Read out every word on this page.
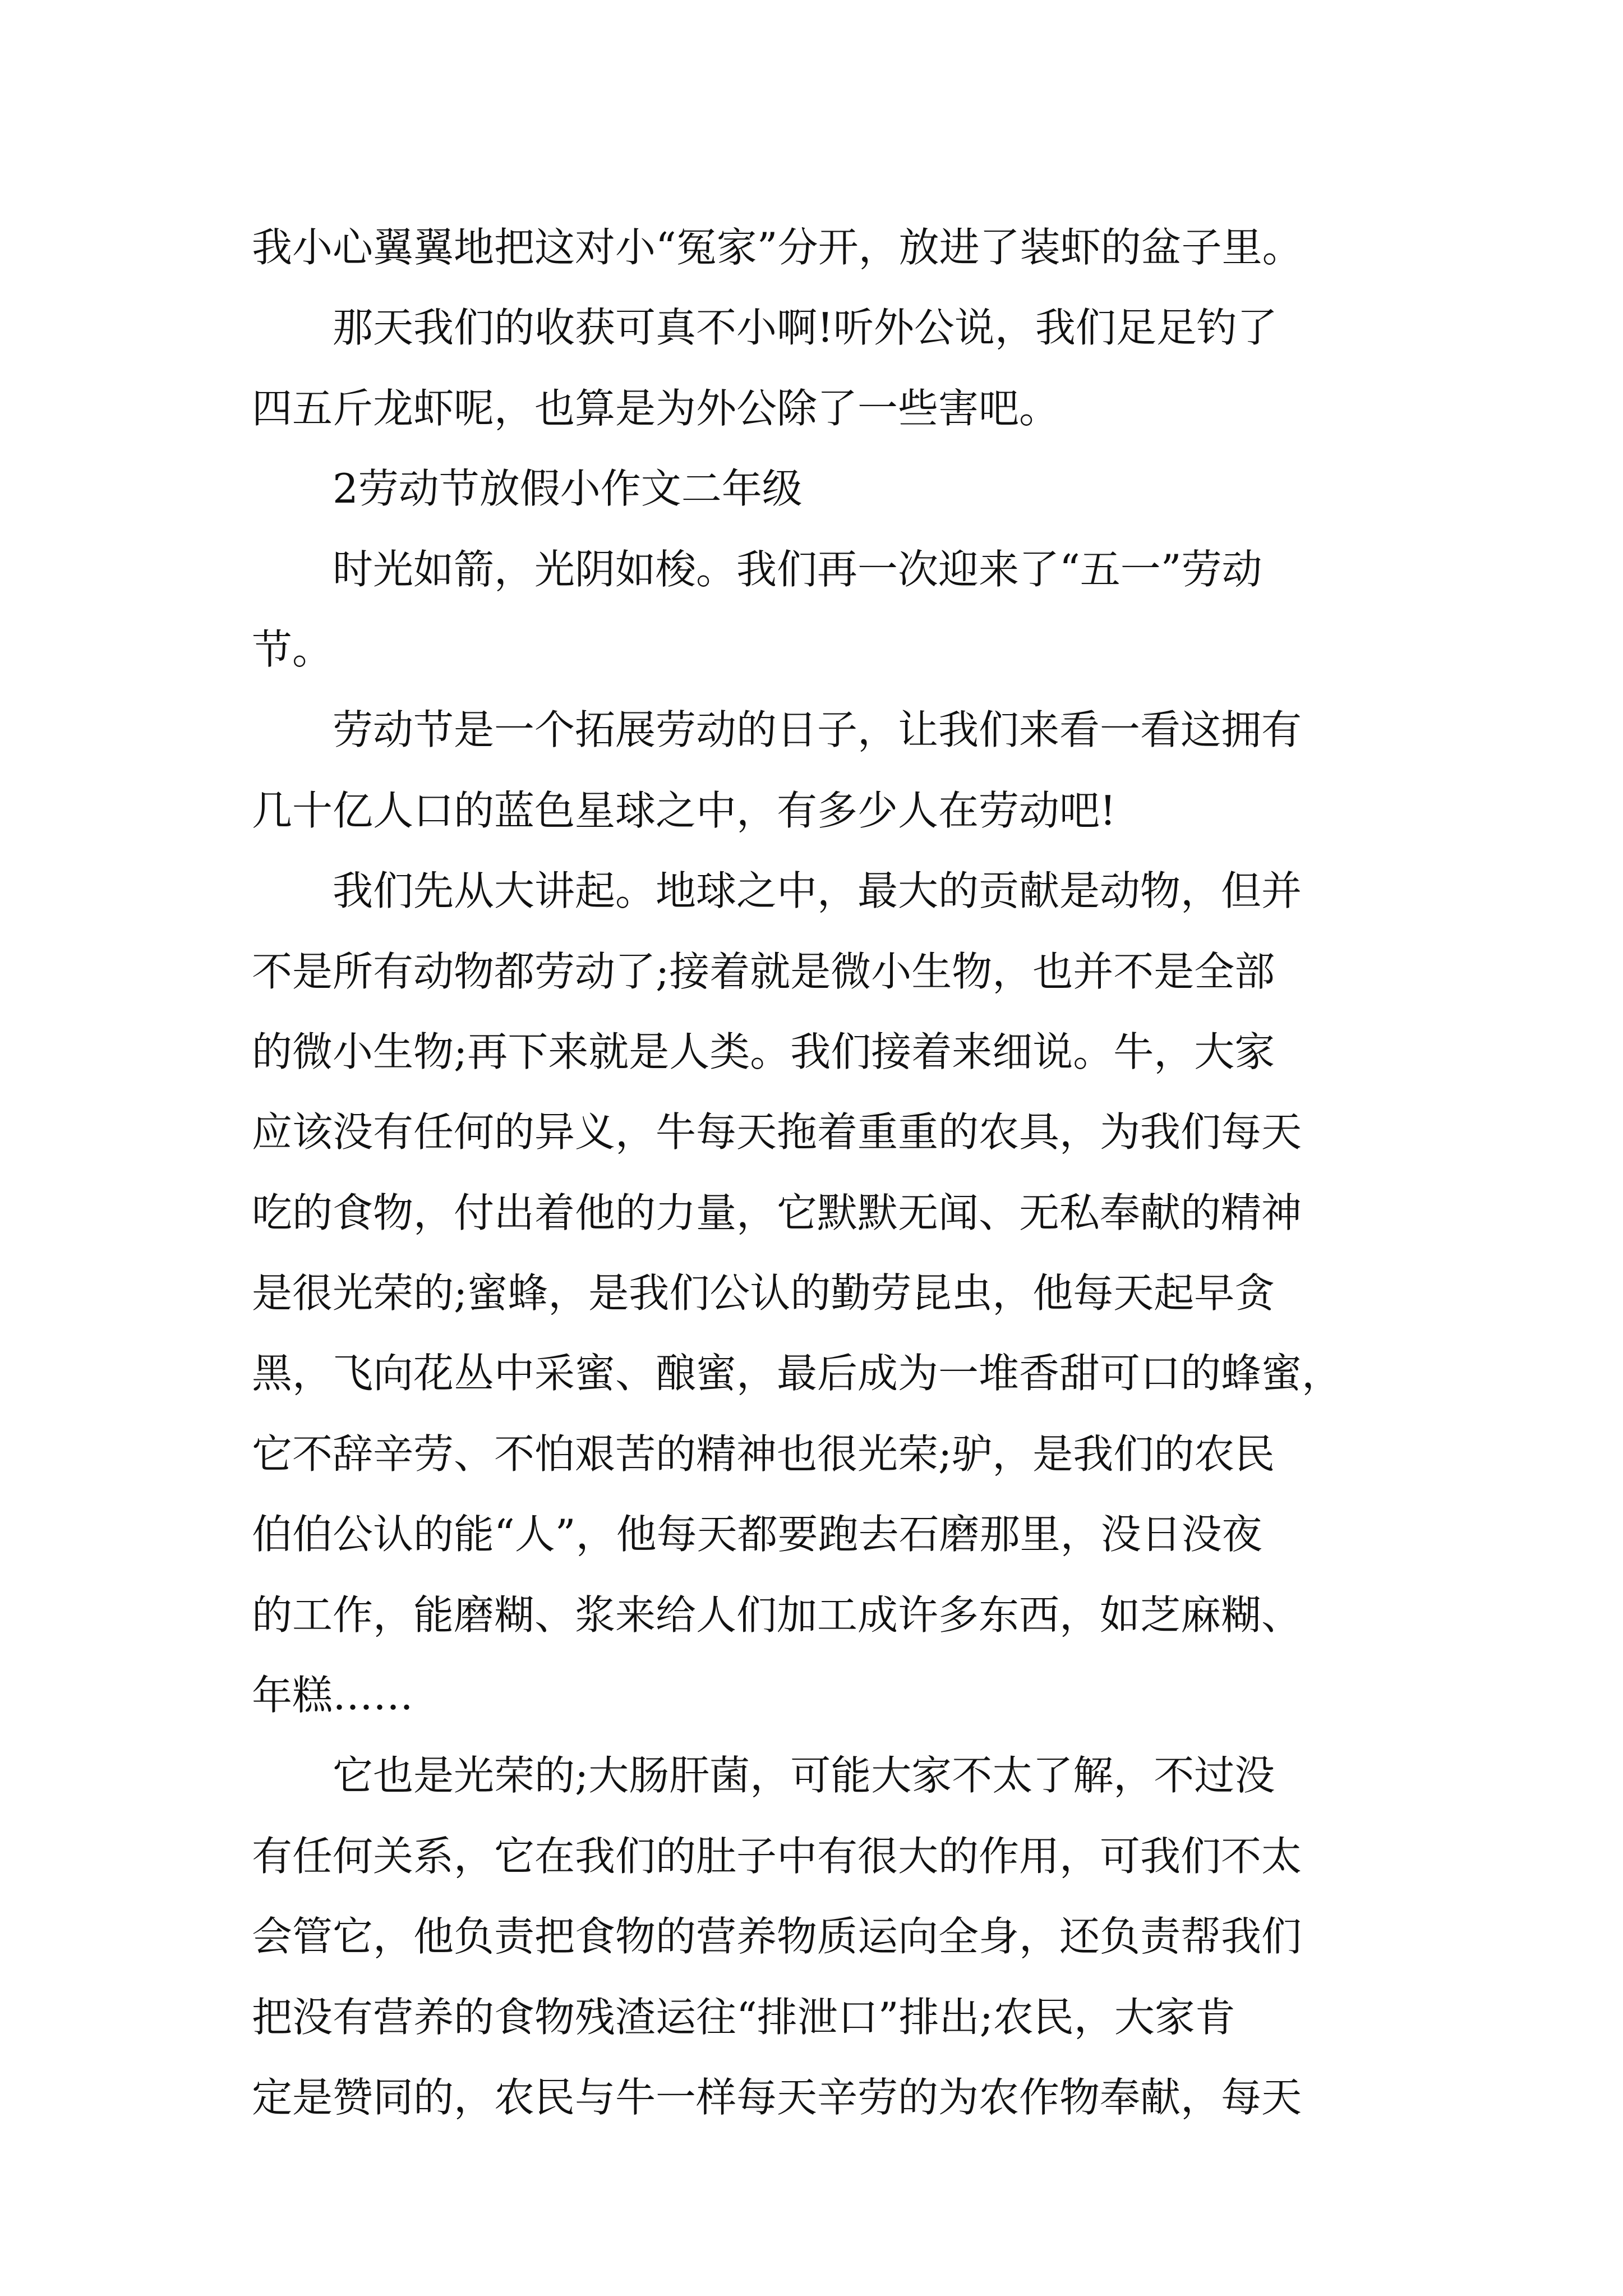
我小心翼翼地把这对小“冤家”分开，放进了装虾的盆子里。
那天我们的收获可真不小啊!听外公说，我们足足钓了
四五斤龙虾呢，也算是为外公除了一些害吧。
2劳动节放假小作文二年级
时光如箭，光阴如梭。我们再一次迎来了“五一”劳动
节。
劳动节是一个拓展劳动的日子，让我们来看一看这拥有
几十亿人口的蓝色星球之中，有多少人在劳动吧!
我们先从大讲起。地球之中，最大的贡献是动物，但并
不是所有动物都劳动了;接着就是微小生物，也并不是全部
的微小生物;再下来就是人类。我们接着来细说。牛，大家
应该没有任何的异义，牛每天拖着重重的农具，为我们每天
吃的食物，付出着他的力量，它默默无闻、无私奉献的精神
是很光荣的;蜜蜂，是我们公认的勤劳昆虫，他每天起早贪
黑，飞向花丛中采蜜、酿蜜，最后成为一堆香甜可口的蜂蜜，
它不辞辛劳、不怕艰苦的精神也很光荣;驴，是我们的农民
伯伯公认的能“人”，他每天都要跑去石磨那里，没日没夜
的工作，能磨糊、浆来给人们加工成许多东西，如芝麻糊、
年糕……
它也是光荣的;大肠肝菌，可能大家不太了解，不过没
有任何关系，它在我们的肚子中有很大的作用，可我们不太
会管它，他负责把食物的营养物质运向全身，还负责帮我们
把没有营养的食物残渣运往“排泄口”排出;农民，大家肯
定是赞同的，农民与牛一样每天辛劳的为农作物奉献，每天
